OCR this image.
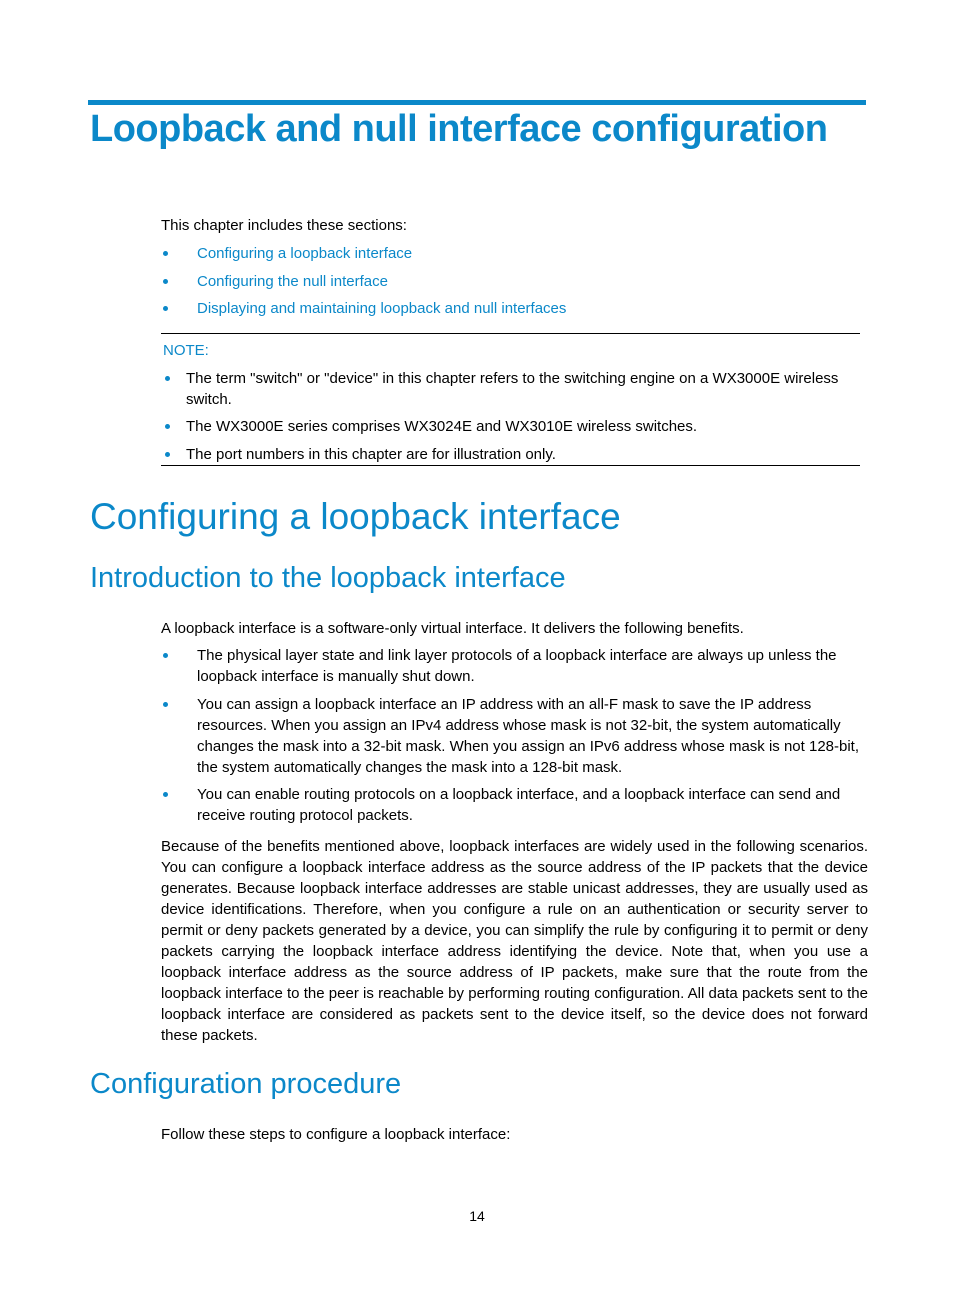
Loopback and null interface configuration

This chapter includes these sections:

Configuring a loopback interface
Configuring the null interface
Displaying and maintaining loopback and null interfaces
NOTE:
The term "switch" or "device" in this chapter refers to the switching engine on a WX3000E wireless switch.
The WX3000E series comprises WX3024E and WX3010E wireless switches.
The port numbers in this chapter are for illustration only.
Configuring a loopback interface
Introduction to the loopback interface

A loopback interface is a software-only virtual interface. It delivers the following benefits.

The physical layer state and link layer protocols of a loopback interface are always up unless the loopback interface is manually shut down.
You can assign a loopback interface an IP address with an all-F mask to save the IP address resources. When you assign an IPv4 address whose mask is not 32-bit, the system automatically changes the mask into a 32-bit mask. When you assign an IPv6 address whose mask is not 128-bit, the system automatically changes the mask into a 128-bit mask.
You can enable routing protocols on a loopback interface, and a loopback interface can send and receive routing protocol packets.

Because of the benefits mentioned above, loopback interfaces are widely used in the following scenarios. You can configure a loopback interface address as the source address of the IP packets that the device generates. Because loopback interface addresses are stable unicast addresses, they are usually used as device identifications. Therefore, when you configure a rule on an authentication or security server to permit or deny packets generated by a device, you can simplify the rule by configuring it to permit or deny packets carrying the loopback interface address identifying the device. Note that, when you use a loopback interface address as the source address of IP packets, make sure that the route from the loopback interface to the peer is reachable by performing routing configuration. All data packets sent to the loopback interface are considered as packets sent to the device itself, so the device does not forward these packets.

Configuration procedure

Follow these steps to configure a loopback interface:

14
